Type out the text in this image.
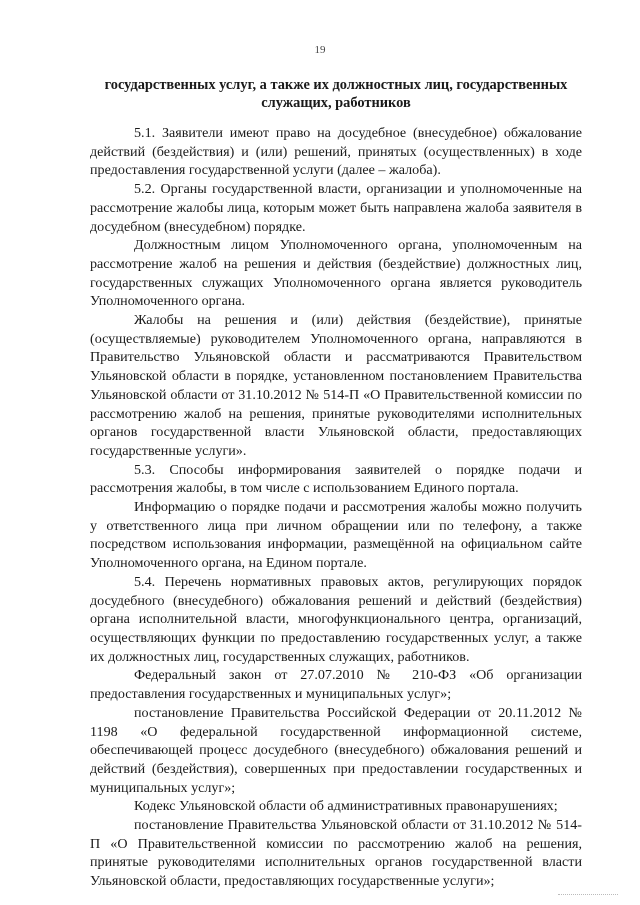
19
государственных услуг, а также их должностных лиц, государственных служащих, работников

5.1. Заявители имеют право на досудебное (внесудебное) обжалование действий (бездействия) и (или) решений, принятых (осуществленных) в ходе предоставления государственной услуги (далее – жалоба).

5.2. Органы государственной власти, организации и уполномоченные на рассмотрение жалобы лица, которым может быть направлена жалоба заявителя в досудебном (внесудебном) порядке.

Должностным лицом Уполномоченного органа, уполномоченным на рассмотрение жалоб на решения и действия (бездействие) должностных лиц, государственных служащих Уполномоченного органа является руководитель Уполномоченного органа.

Жалобы на решения и (или) действия (бездействие), принятые (осуществляемые) руководителем Уполномоченного органа, направляются в Правительство Ульяновской области и рассматриваются Правительством Ульяновской области в порядке, установленном постановлением Правительства Ульяновской области от 31.10.2012 № 514-П «О Правительственной комиссии по рассмотрению жалоб на решения, принятые руководителями исполнительных органов государственной власти Ульяновской области, предоставляющих государственные услуги».

5.3. Способы информирования заявителей о порядке подачи и рассмотрения жалобы, в том числе с использованием Единого портала.

Информацию о порядке подачи и рассмотрения жалобы можно получить у ответственного лица при личном обращении или по телефону, а также посредством использования информации, размещённой на официальном сайте Уполномоченного органа, на Едином портале.

5.4. Перечень нормативных правовых актов, регулирующих порядок досудебного (внесудебного) обжалования решений и действий (бездействия) органа исполнительной власти, многофункционального центра, организаций, осуществляющих функции по предоставлению государственных услуг, а также их должностных лиц, государственных служащих, работников.

Федеральный закон от 27.07.2010 № 210-ФЗ «Об организации предоставления государственных и муниципальных услуг»;

постановление Правительства Российской Федерации от 20.11.2012 № 1198 «О федеральной государственной информационной системе, обеспечивающей процесс досудебного (внесудебного) обжалования решений и действий (бездействия), совершенных при предоставлении государственных и муниципальных услуг»;

Кодекс Ульяновской области об административных правонарушениях;

постановление Правительства Ульяновской области от 31.10.2012 № 514-П «О Правительственной комиссии по рассмотрению жалоб на решения, принятые руководителями исполнительных органов государственной власти Ульяновской области, предоставляющих государственные услуги»;
